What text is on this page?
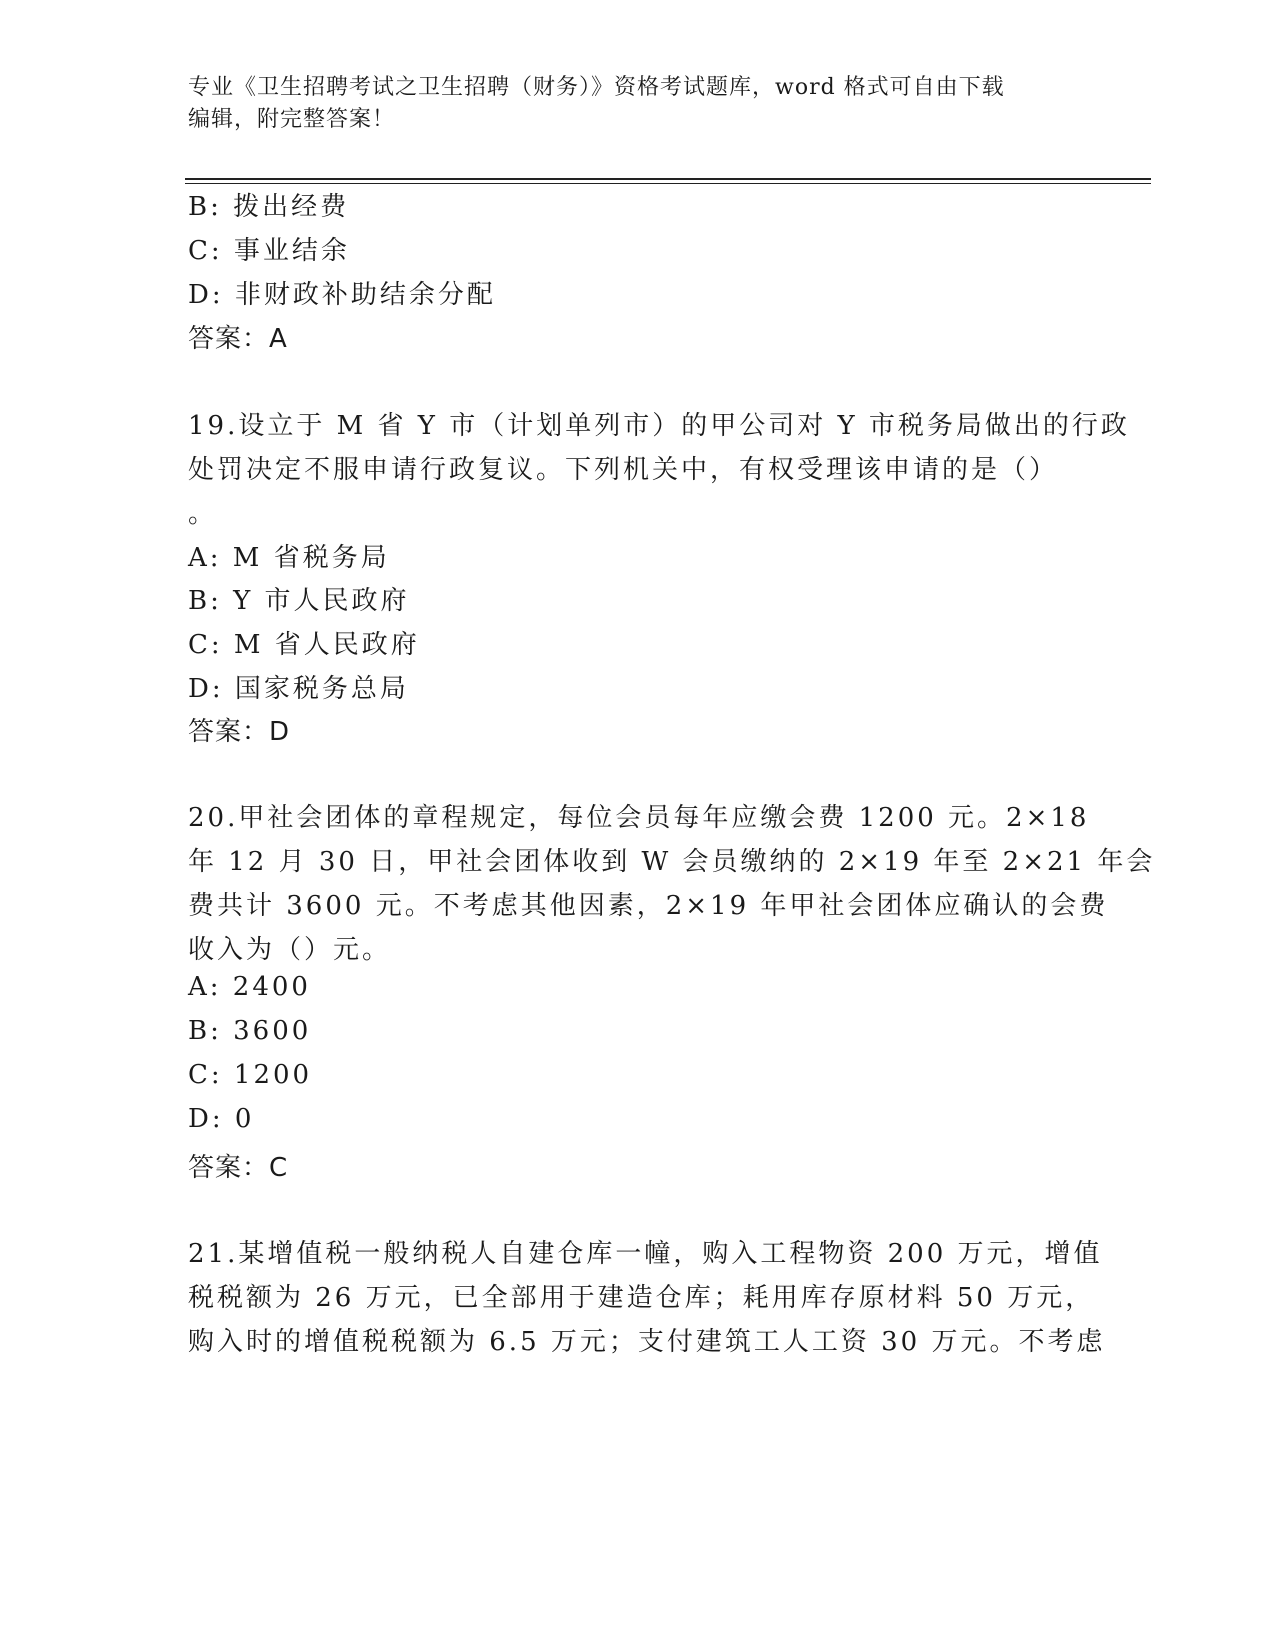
专业《卫生招聘考试之卫生招聘（财务）》资格考试题库，word 格式可自由下载
编辑，附完整答案！
B: 拨出经费
C: 事业结余
D: 非财政补助结余分配
答案：A
19.设立于 M 省 Y 市（计划单列市）的甲公司对 Y 市税务局做出的行政
处罚决定不服申请行政复议。下列机关中，有权受理该申请的是（）
。
A: M 省税务局
B: Y 市人民政府
C: M 省人民政府
D: 国家税务总局
答案：D
20.甲社会团体的章程规定，每位会员每年应缴会费 1200 元。2×18
年 12 月 30 日，甲社会团体收到 W 会员缴纳的 2×19 年至 2×21 年会
费共计 3600 元。不考虑其他因素，2×19 年甲社会团体应确认的会费
收入为（）元。
A: 2400
B: 3600
C: 1200
D: 0
答案：C
21.某增值税一般纳税人自建仓库一幢，购入工程物资 200 万元，增值
税税额为 26 万元，已全部用于建造仓库；耗用库存原材料 50 万元，
购入时的增值税税额为 6.5 万元；支付建筑工人工资 30 万元。不考虑
